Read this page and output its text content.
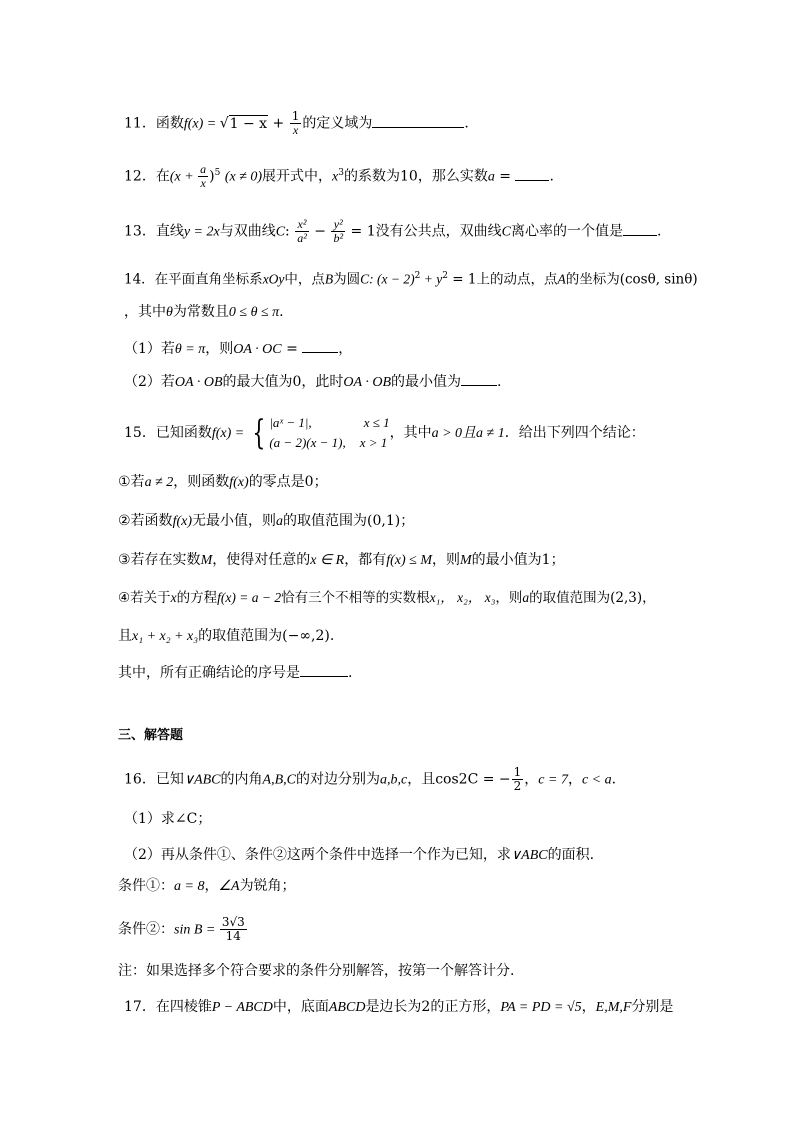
11．函数$f(x) = √1 - x + \frac{1}{x}$ 的定义域为	.
12．在$(x + \frac{a}{x} )^5$ (x ≠ 0)展开式中，$x^3$的系数为10，那么实数a = .
13．直线y = 2x与双曲线C: $\frac{\text{x²}}{\text{a²}} - \frac{\text{y²}}{\text{b²}} = 1$没有公共点，双曲线C离心率的一个值是 .
14．在平面直角坐标系xOy中，点B为圆C: $(x - 2)^2 + y^2 = 1$上的动点，点A的坐标为(cosθ, sinθ)
，其中θ为常数且0 ≤ θ ≤ π.
（1）若θ = π，则OA · OC =	，
（2）若OA · OB的最大值为0，此时OA · OB的最小值为	.
15．已知函数f(x) = { |aˣ − 1|,	x ≤ 1
(a − 2)(x − 1), x > 1
，其中a > 0且a ≠ 1．给出下列四个结论：
①若a ≠ 2，则函数f(x)的零点是0；
②若函数f(x)无最小值，则a的取值范围为(0,1)；
③若存在实数M，使得对任意的x ∈ R，都有f(x) ≤ M，则M的最小值为1；
④若关于x的方程f(x) = a − 2恰有三个不相等的实数根x₁， x₂， x₃，则a的取值范围为(2,3)，
且x₁ + x₂ + x₃的取值范围为(−∞,2).
其中，所有正确结论的序号是	.
三、解答题
16．已知∨ABC的内角A,B,C的对边分别为a,b,c，且cos2C = − $\frac{1}{2}$ ，c = 7，c < a.
（1）求∠C；
（2）再从条件①、条件②这两个条件中选择一个作为已知，求∨ABC的面积.
条件①：a = 8，∠A为锐角；
条件②：$\sin B = \frac{3√3}{14}$
注：如果选择多个符合要求的条件分别解答，按第一个解答计分.
17．在四棱锥P − ABCD中，底面ABCD是边长为2的正方形，PA = PD = √5，E,M,F分别是
